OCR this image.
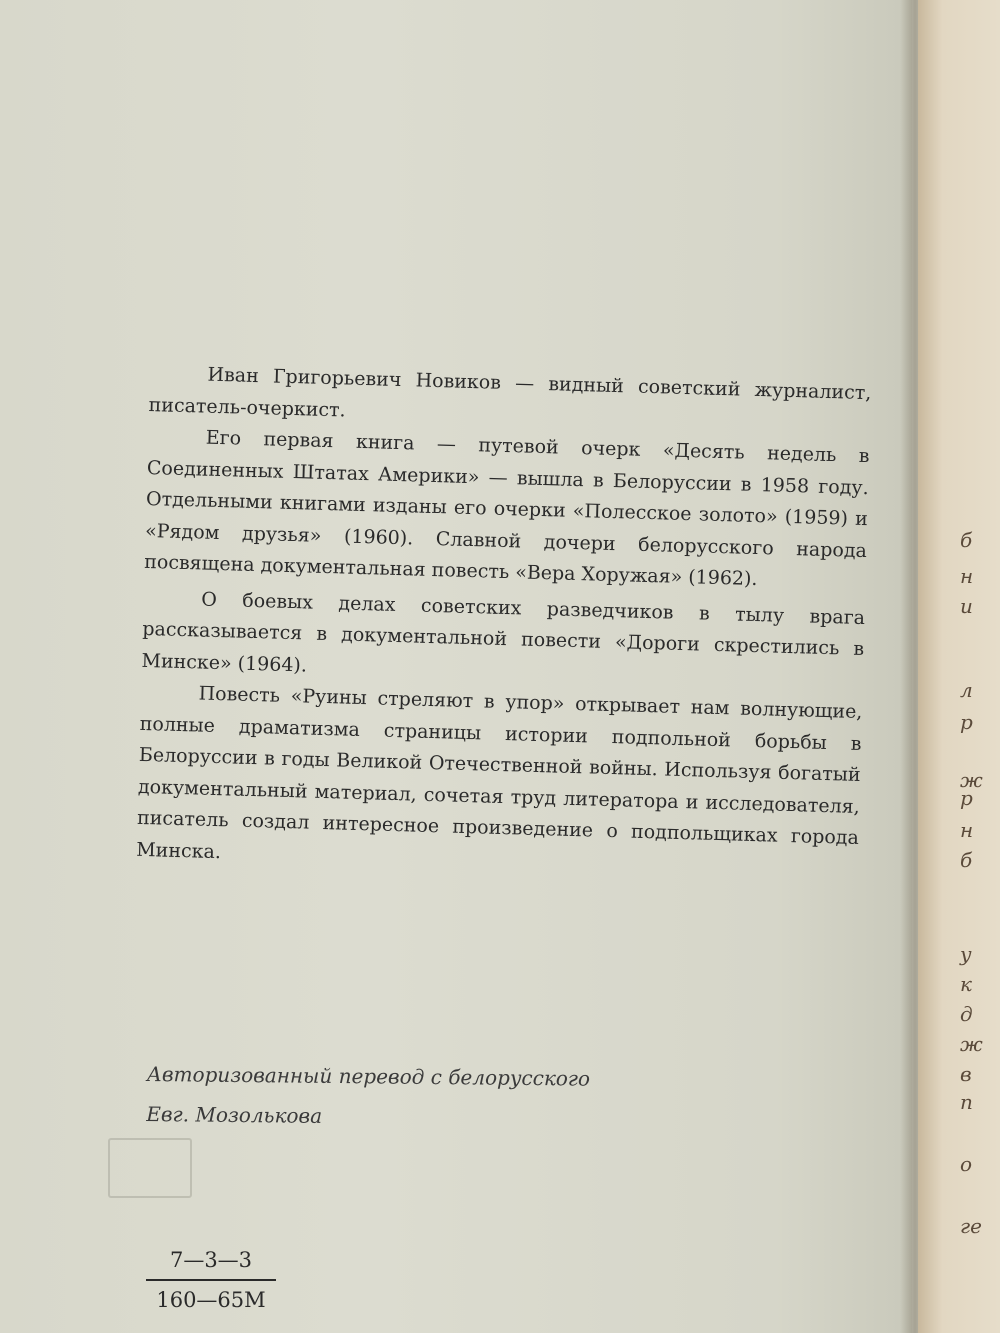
Иван Григорьевич Новиков — видный советский журналист, писатель-очеркист.

Его первая книга — путевой очерк «Десять недель в Соединенных Штатах Америки» — вышла в Белоруссии в 1958 году. Отдельными книгами изданы его очерки «Полесское золото» (1959) и «Рядом друзья» (1960). Славной дочери белорусского народа посвящена документальная повесть «Вера Хоружая» (1962).

О боевых делах советских разведчиков в тылу врага рассказывается в документальной повести «Дороги скрестились в Минске» (1964).

Повесть «Руины стреляют в упор» открывает нам волнующие, полные драматизма страницы истории подпольной борьбы в Белоруссии в годы Великой Отечественной войны. Используя богатый документальный материал, сочетая труд литератора и исследователя, писатель создал интересное произведение о подпольщиках города Минска.

Авторизованный перевод с белорусского
Евг. Мозолькова
7—3—3
160—65М
б
н
и
л
р
ж
р
н
б
у
к
д
ж
в
п
о
ге
